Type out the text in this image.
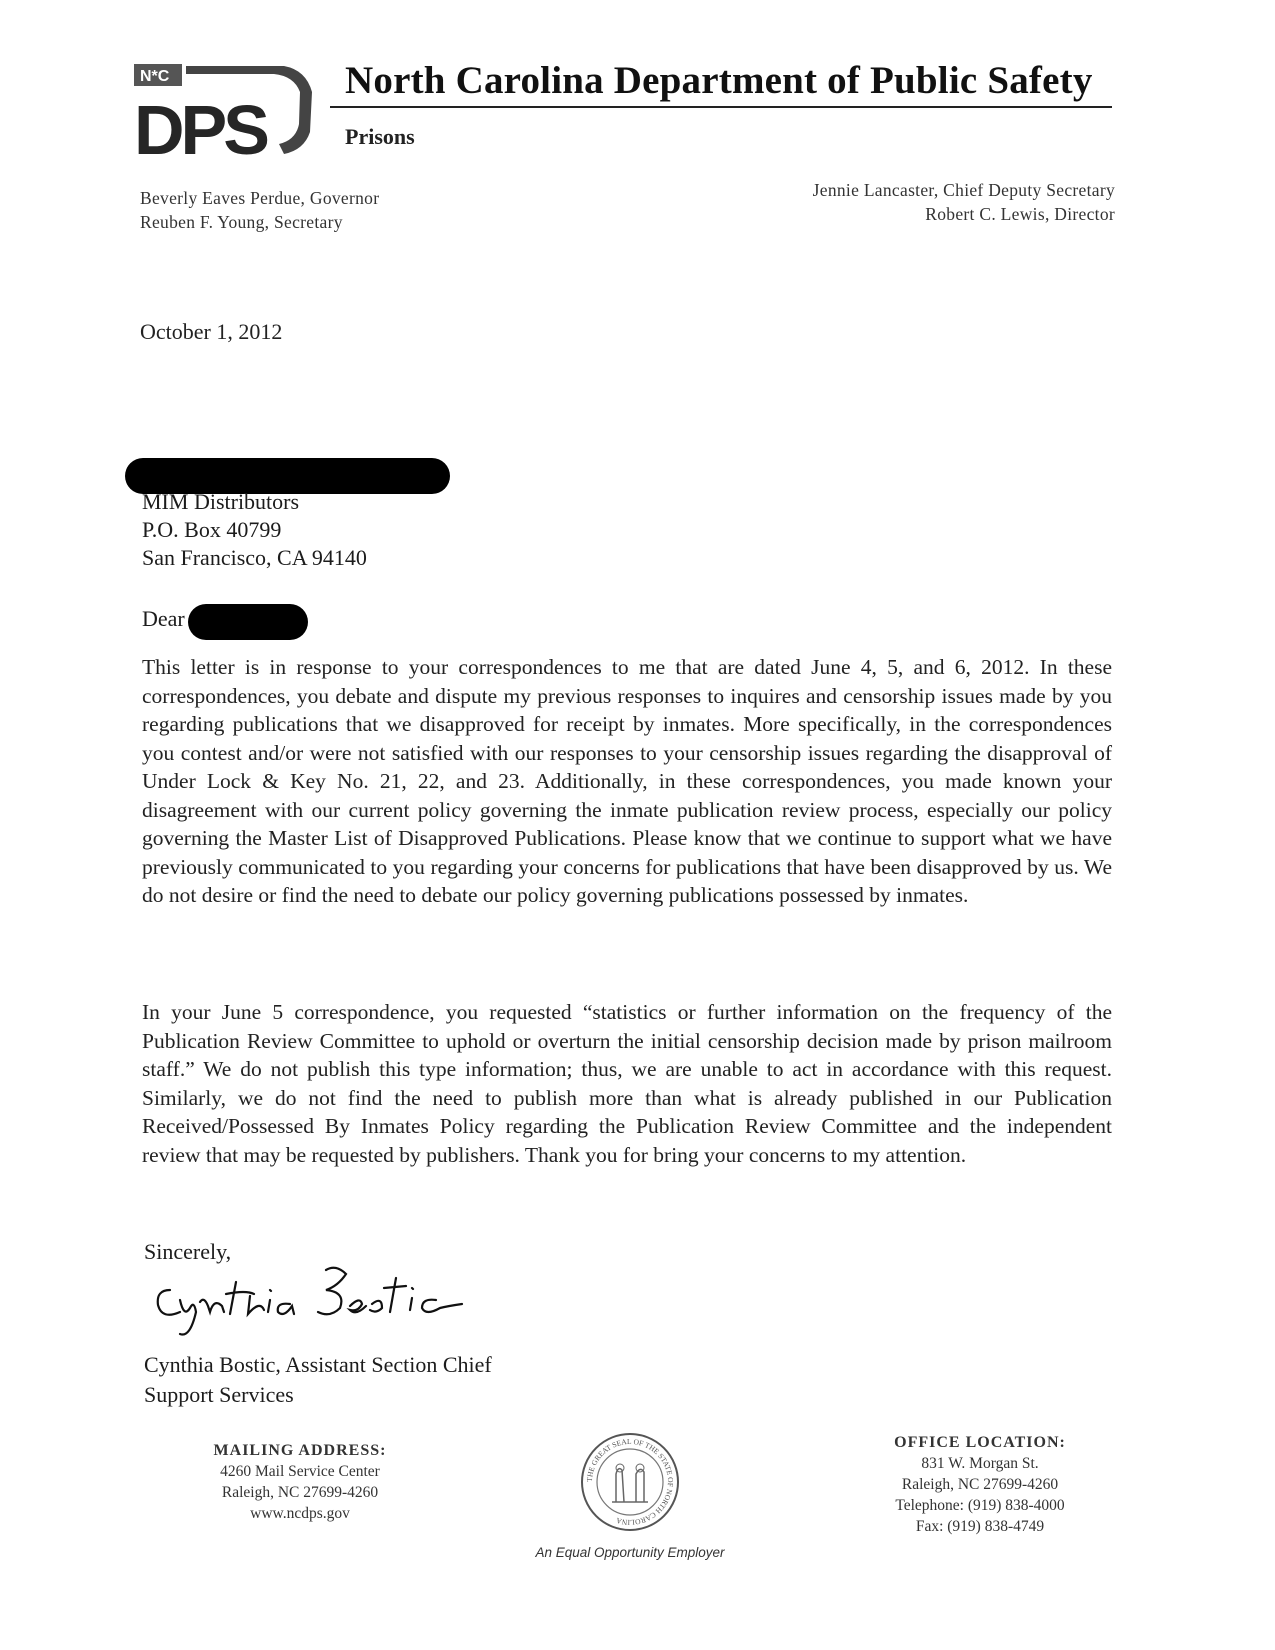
N*C
DPS
North Carolina Department of Public Safety
Prisons
Beverly Eaves Perdue, Governor
Reuben F. Young, Secretary
Jennie Lancaster, Chief Deputy Secretary
Robert C. Lewis, Director
October 1, 2012
MIM Distributors
P.O. Box 40799
San Francisco, CA 94140
Dear

This letter is in response to your correspondences to me that are dated June 4, 5, and 6, 2012. In these correspondences, you debate and dispute my previous responses to inquires and censorship issues made by you regarding publications that we disapproved for receipt by inmates. More specifically, in the correspondences you contest and/or were not satisfied with our responses to your censorship issues regarding the disapproval of Under Lock & Key No. 21, 22, and 23. Additionally, in these correspondences, you made known your disagreement with our current policy governing the inmate publication review process, especially our policy governing the Master List of Disapproved Publications. Please know that we continue to support what we have previously communicated to you regarding your concerns for publications that have been disapproved by us. We do not desire or find the need to debate our policy governing publications possessed by inmates.

In your June 5 correspondence, you requested “statistics or further information on the frequency of the Publication Review Committee to uphold or overturn the initial censorship decision made by prison mailroom staff.” We do not publish this type information; thus, we are unable to act in accordance with this request. Similarly, we do not find the need to publish more than what is already published in our Publication Received/Possessed By Inmates Policy regarding the Publication Review Committee and the independent review that may be requested by publishers. Thank you for bring your concerns to my attention.

Sincerely,
Cynthia Bostic, Assistant Section Chief
Support Services
MAILING ADDRESS:
4260 Mail Service Center
Raleigh, NC 27699-4260
www.ncdps.gov
THE GREAT SEAL OF THE STATE OF NORTH CAROLINA
OFFICE LOCATION:
831 W. Morgan St.
Raleigh, NC 27699-4260
Telephone: (919) 838-4000
Fax: (919) 838-4749
An Equal Opportunity Employer
